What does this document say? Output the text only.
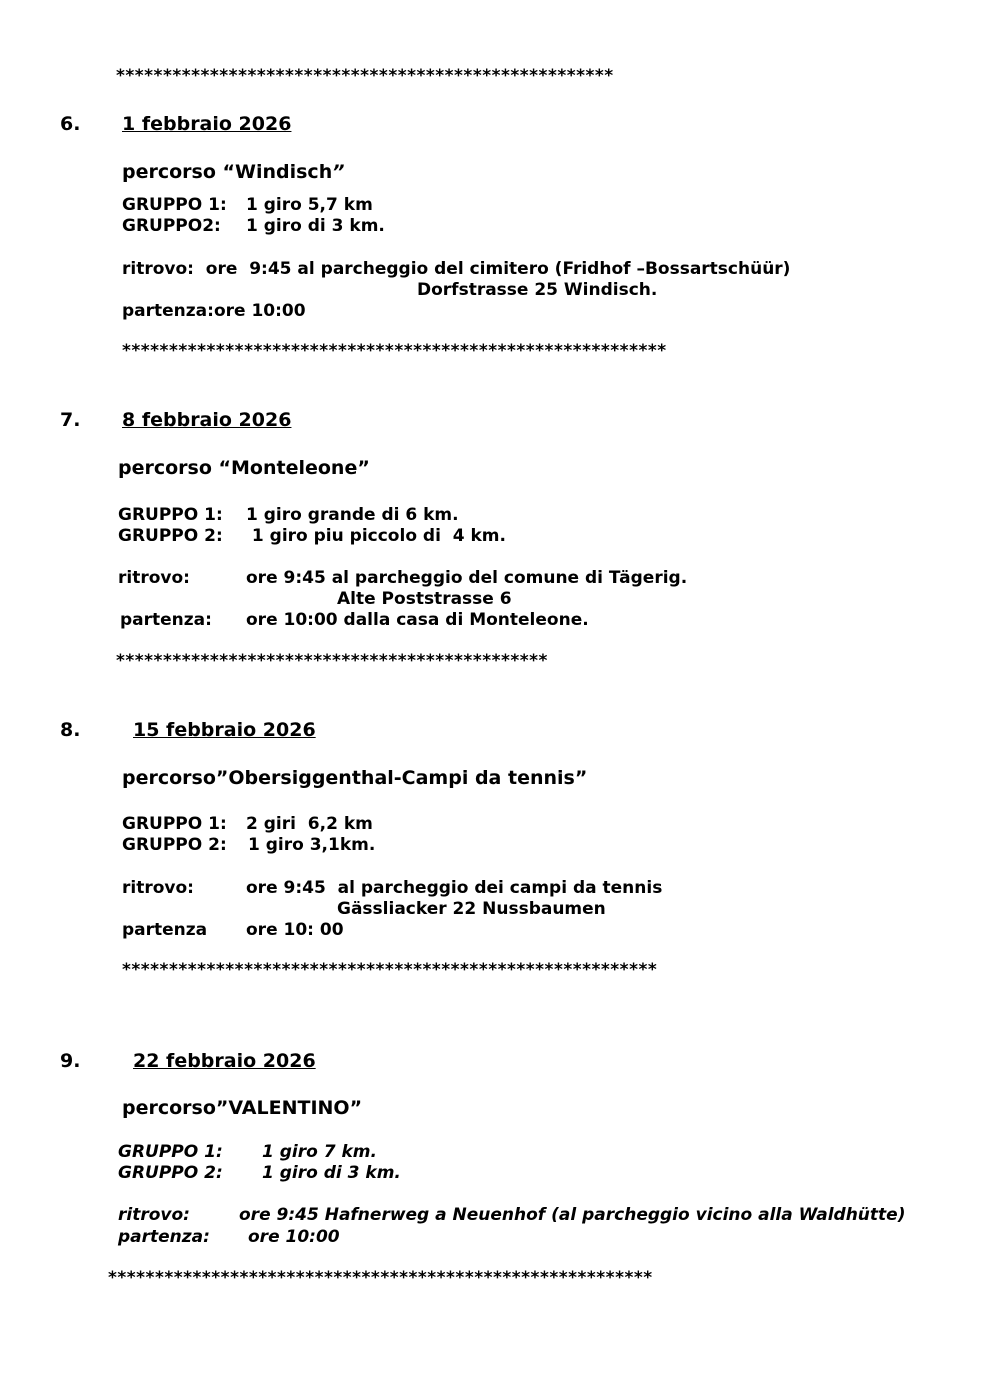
*****************************************************
6. 1 febbraio 2026
percorso “Windisch”
GRUPPO 1: 1 giro 5,7 km
GRUPPO2: 1 giro di 3 km.
ritrovo:  ore  9:45 al parcheggio del cimitero (Fridhof –Bossartschüür)
Dorfstrasse 25 Windisch.
partenza:ore 10:00
**********************************************************
7. 8 febbraio 2026
percorso “Monteleone”
GRUPPO 1: 1 giro grande di 6 km.
GRUPPO 2: 1 giro piu piccolo di  4 km.
ritrovo:	ore 9:45 al parcheggio del comune di Tägerig.
Alte Poststrasse 6
partenza: ore 10:00 dalla casa di Monteleone.
**********************************************
8.	15 febbraio 2026
percorso”Obersiggenthal-Campi da tennis”
GRUPPO 1: 2 giri  6,2 km
GRUPPO 2: 1 giro 3,1km.
ritrovo:	ore 9:45  al parcheggio dei campi da tennis
Gässliacker 22 Nussbaumen
partenza ore 10: 00
*********************************************************
9.	22 febbraio 2026
percorso”VALENTINO”
GRUPPO 1: 1 giro 7 km.
GRUPPO 2: 1 giro di 3 km.
ritrovo:	ore 9:45 Hafnerweg a Neuenhof (al parcheggio vicino alla Waldhütte)
partenza: ore 10:00
**********************************************************
